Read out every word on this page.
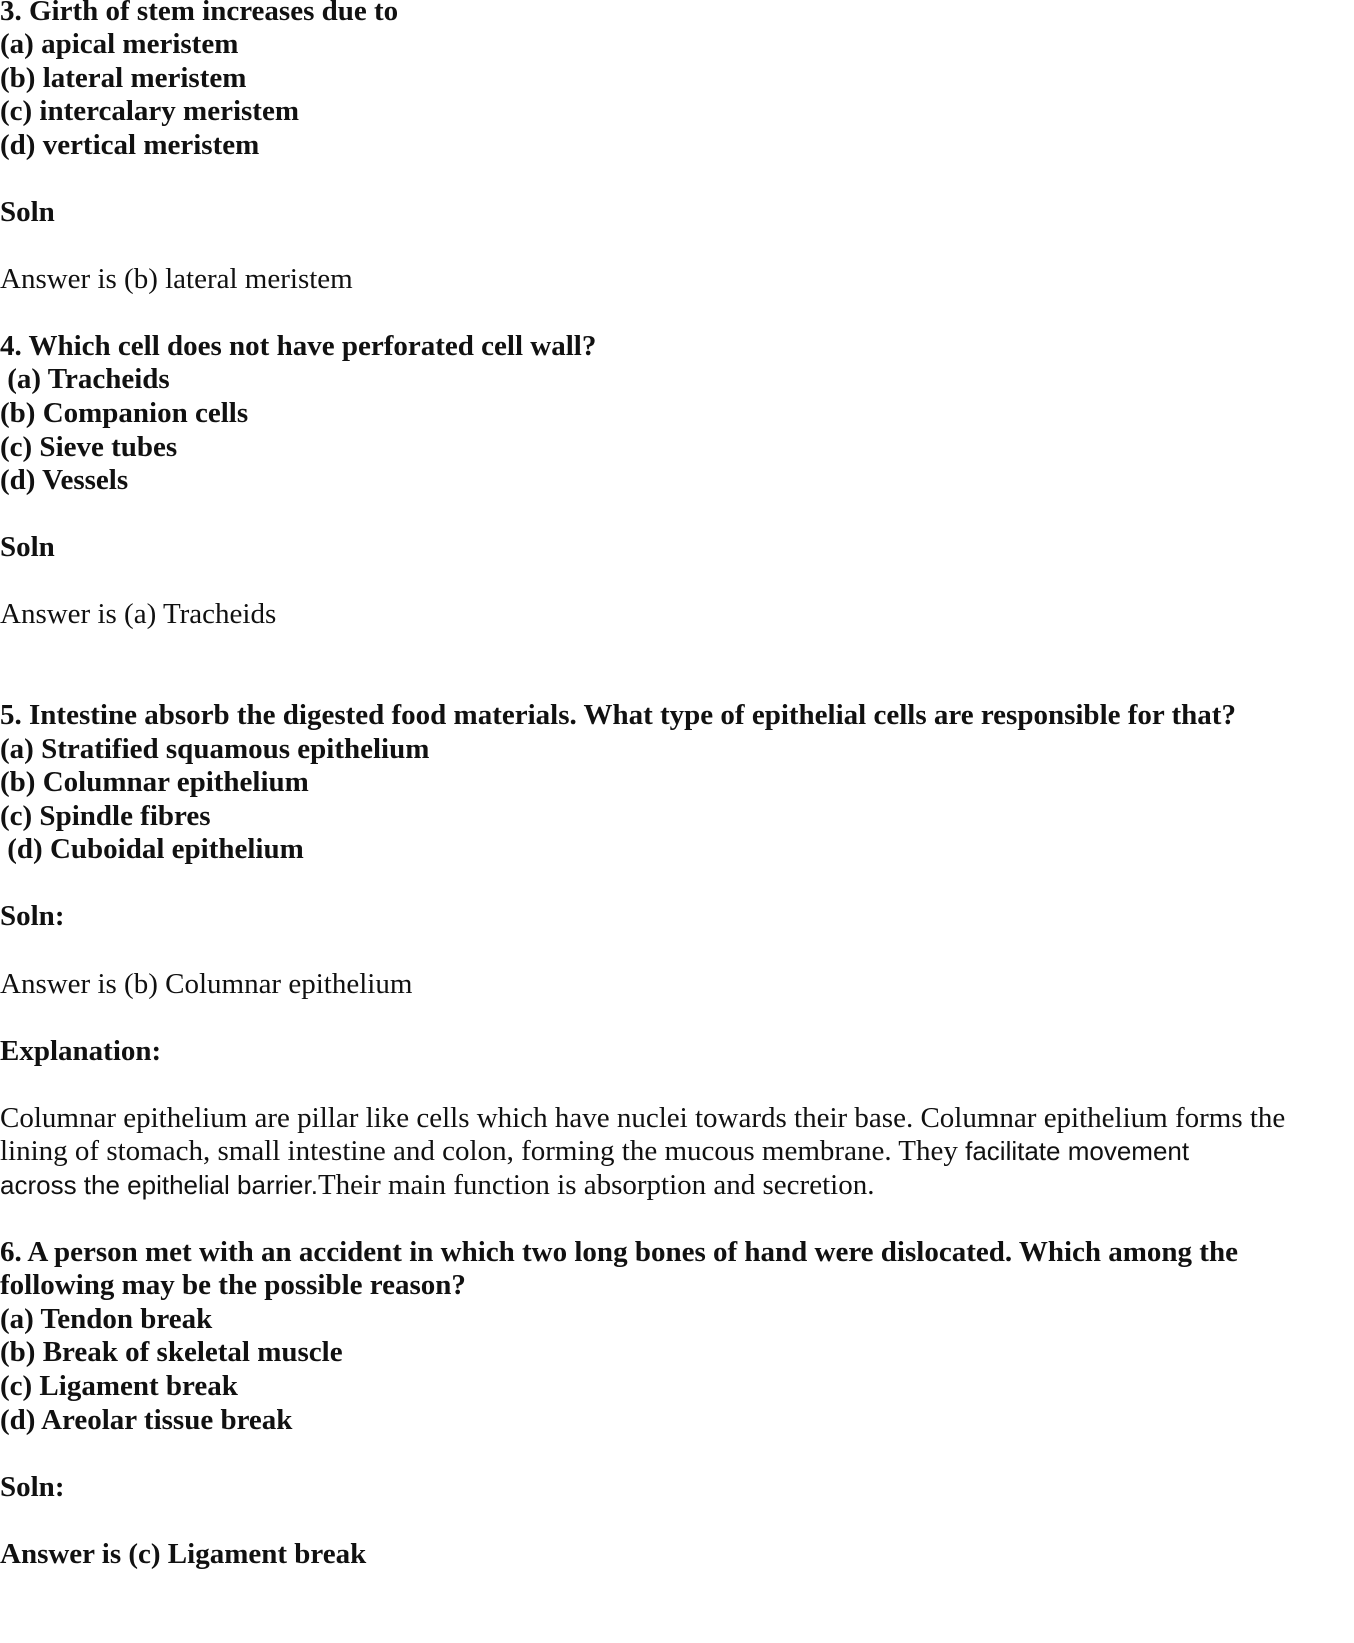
3. Girth of stem increases due to
(a) apical meristem
(b) lateral meristem
(c) intercalary meristem
(d) vertical meristem
Soln
Answer is (b) lateral meristem
4. Which cell does not have perforated cell wall?
(a) Tracheids
(b) Companion cells
(c) Sieve tubes
(d) Vessels
Soln
Answer is (a) Tracheids
5. Intestine absorb the digested food materials. What type of epithelial cells are responsible for that?
(a) Stratified squamous epithelium
(b) Columnar epithelium
(c) Spindle fibres
(d) Cuboidal epithelium
Soln:
Answer is (b) Columnar epithelium
Explanation:
Columnar epithelium are pillar like cells which have nuclei towards their base. Columnar epithelium forms the
lining of stomach, small intestine and colon, forming the mucous membrane. They facilitate movement
across the epithelial barrier.Their main function is absorption and secretion.
6. A person met with an accident in which two long bones of hand were dislocated. Which among the
following may be the possible reason?
(a) Tendon break
(b) Break of skeletal muscle
(c) Ligament break
(d) Areolar tissue break
Soln:
Answer is (c) Ligament break
